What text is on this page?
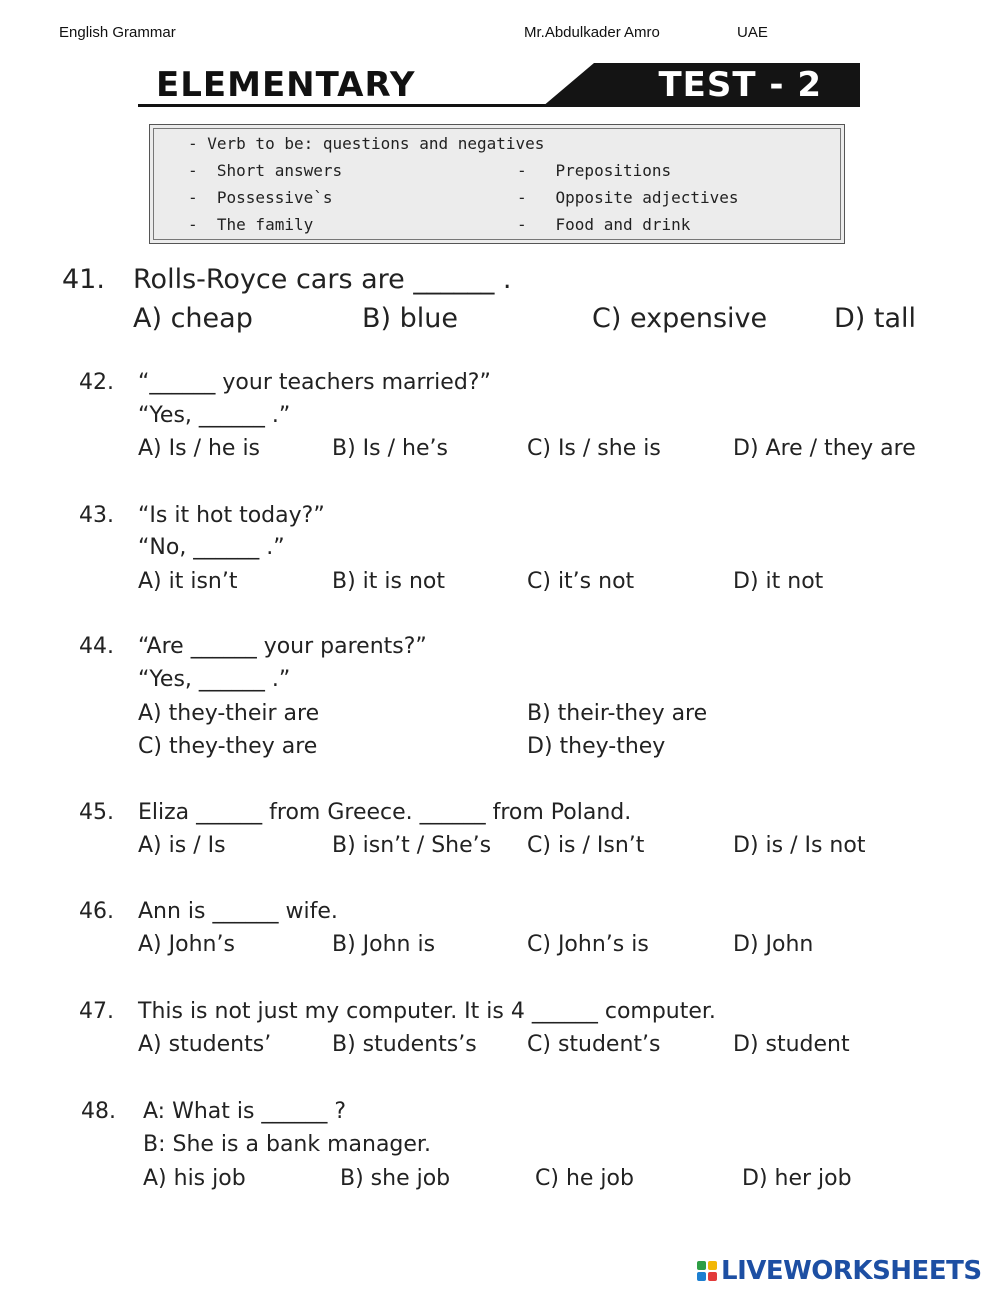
English Grammar	Mr.Abdulkader Amro	UAE
ELEMENTARY	TEST - 2
- Verb to be: questions and negatives
-  Short answers
-  Possessive`s
-  The family
-   Prepositions
-   Opposite adjectives
-   Food and drink
41. Rolls-Royce cars are ______ .
A) cheap	B) blue	C) expensive D) tall
42. “______ your teachers married?”
“Yes, ______ .”
A) Is / he is	B) Is / he’s	C) Is / she is	D) Are / they are
43. “Is it hot today?”
“No, ______ .”
A) it isn’t	B) it is not	C) it’s not	D) it not
44. “Are ______ your parents?”
“Yes, ______ .”
A) they-their are	B) their-they are
C) they-they are	D) they-they
45. Eliza ______ from Greece. ______ from Poland.
A) is / Is	B) isn’t / She’s C) is / Isn’t	D) is / Is not
46. Ann is ______ wife.
A) John’s	B) John is	C) John’s is	D) John
47. This is not just my computer. It is 4 ______ computer.
A) students’	B) students’s C) student’s	D) student
48. A: What is ______ ?
B: She is a bank manager.
A) his job	B) she job	C) he job	D) her job
LIVEWORKSHEETS
